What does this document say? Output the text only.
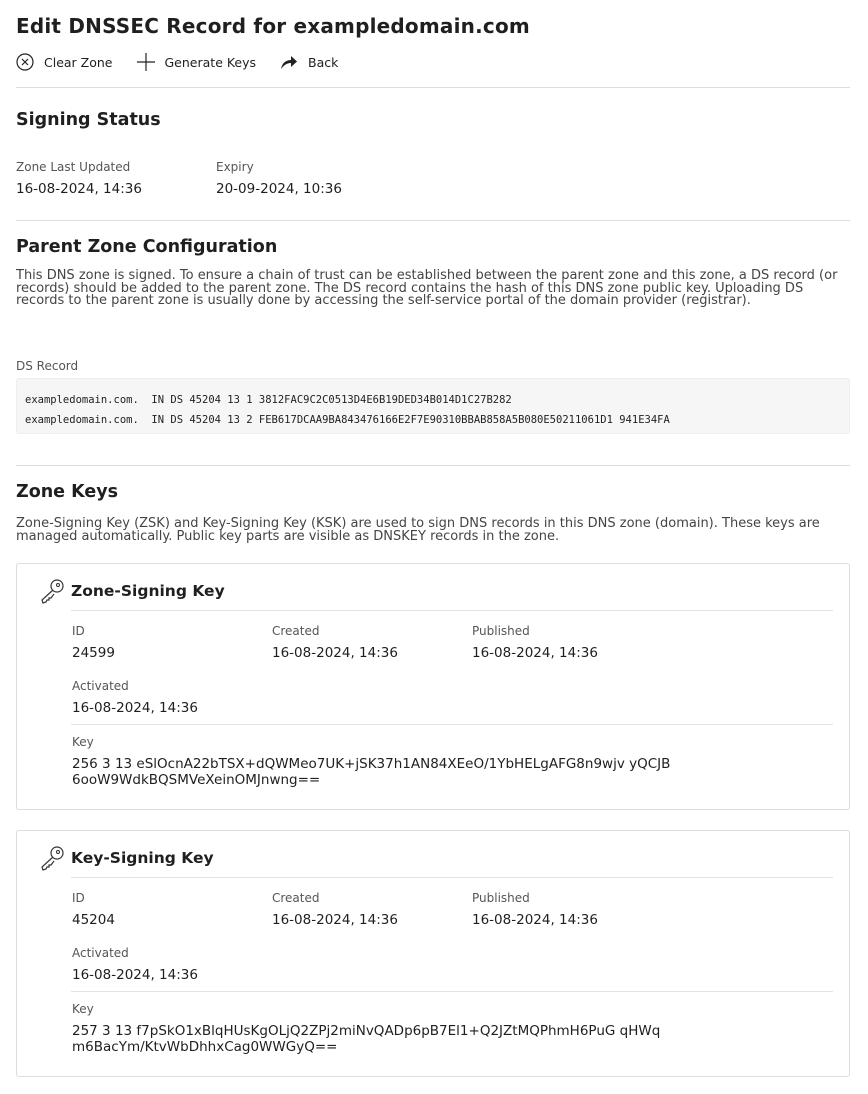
Edit DNSSEC Record for exampledomain.com
Clear Zone	Generate Keys	Back
Signing Status
Zone Last Updated
16-08-2024, 14:36
Expiry
20-09-2024, 10:36
Parent Zone Configuration

This DNS zone is signed. To ensure a chain of trust can be established between the parent zone and this zone, a DS record (or records) should be added to the parent zone. The DS record contains the hash of this DNS zone public key. Uploading DS records to the parent zone is usually done by accessing the self-service portal of the domain provider (registrar).

DS Record
exampledomain.com.  IN DS 45204 13 1 3812FAC9C2C0513D4E6B19DED34B014D1C27B282
exampledomain.com.  IN DS 45204 13 2 FEB617DCAA9BA843476166E2F7E90310BBAB858A5B080E50211061D1 941E34FA
Zone Keys

Zone-Signing Key (ZSK) and Key-Signing Key (KSK) are used to sign DNS records in this DNS zone (domain). These keys are managed automatically. Public key parts are visible as DNSKEY records in the zone.

Zone-Signing Key
ID
24599
Created
16-08-2024, 14:36
Published
16-08-2024, 14:36
Activated
16-08-2024, 14:36
Key
256 3 13 eSlOcnA22bTSX+dQWMeo7UK+jSK37h1AN84XEeO/1YbHELgAFG8n9wjv yQCJB6ooW9WdkBQSMVeXeinOMJnwng==
Key-Signing Key
ID
45204
Created
16-08-2024, 14:36
Published
16-08-2024, 14:36
Activated
16-08-2024, 14:36
Key
257 3 13 f7pSkO1xBlqHUsKgOLjQ2ZPj2miNvQADp6pB7El1+Q2JZtMQPhmH6PuG qHWqm6BacYm/KtvWbDhhxCag0WWGyQ==
